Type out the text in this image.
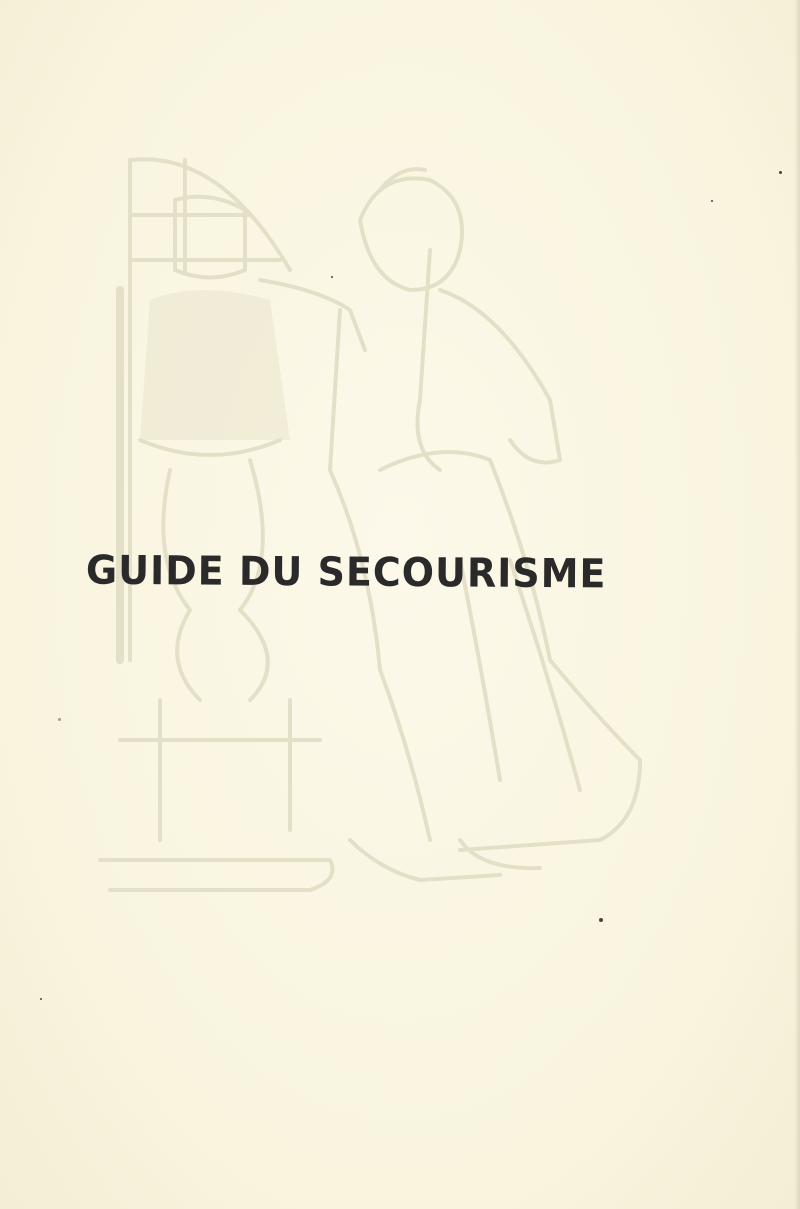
GUIDE DU SECOURISME
